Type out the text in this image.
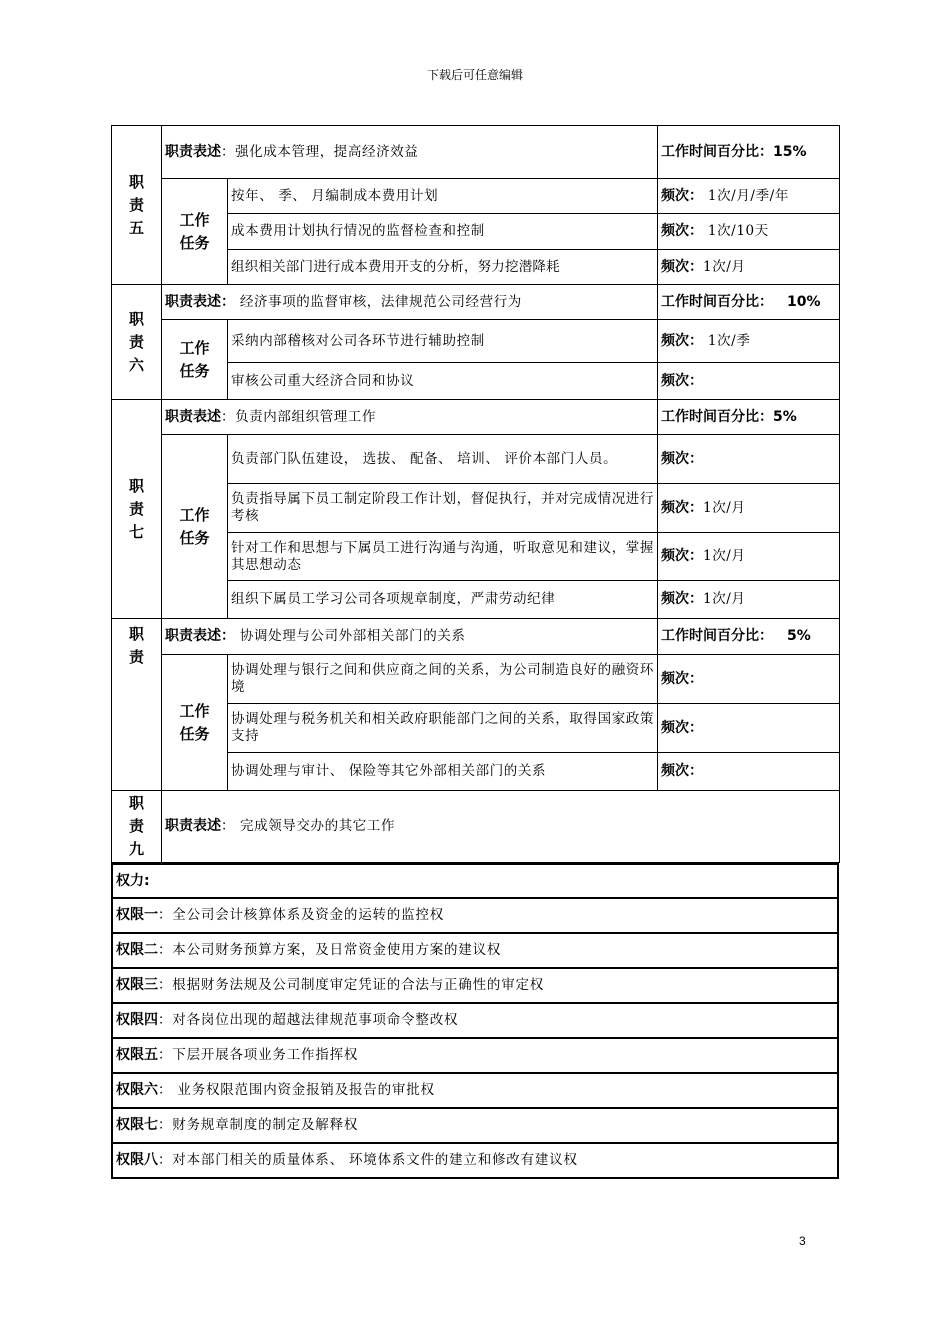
下载后可任意编辑
职
责
五	职责表述：强化成本管理，提高经济效益		工作时间百分比：15%
	工作
任务	按年、 季、 月编制成本费用计划	频次： 1次/月/季/年
		成本费用计划执行情况的监督检查和控制	频次： 1次/10天
		组织相关部门进行成本费用开支的分析，努力挖潜降耗	频次：1次/月
职
责
六	职责表述： 经济事项的监督审核，法律规范公司经营行为		工作时间百分比： 10%
	工作
任务	采纳内部稽核对公司各环节进行辅助控制	频次： 1次/季
		审核公司重大经济合同和协议	频次：
职
责
七	职责表述：负责内部组织管理工作		工作时间百分比：5%
	工作
任务	负责部门队伍建设， 选拔、 配备、 培训、 评价本部门人员。	频次：
		负责指导属下员工制定阶段工作计划，督促执行，并对完成情况进行考核	频次：1次/月
		针对工作和思想与下属员工进行沟通与沟通，听取意见和建议，掌握其思想动态	频次：1次/月
		组织下属员工学习公司各项规章制度，严肃劳动纪律	频次：1次/月

职
责	职责表述： 协调处理与公司外部相关部门的关系		工作时间百分比： 5%
	工作
任务	协调处理与银行之间和供应商之间的关系，为公司制造良好的融资环境	频次：
		协调处理与税务机关和相关政府职能部门之间的关系，取得国家政策支持	频次：
		协调处理与审计、 保险等其它外部相关部门的关系	频次：
职
责
九	职责表述： 完成领导交办的其它工作		
权力:
权限一：全公司会计核算体系及资金的运转的监控权
权限二：本公司财务预算方案，及日常资金使用方案的建议权
权限三：根据财务法规及公司制度审定凭证的合法与正确性的审定权
权限四：对各岗位出现的超越法律规范事项命令整改权
权限五：下层开展各项业务工作指挥权
权限六： 业务权限范围内资金报销及报告的审批权
权限七：财务规章制度的制定及解释权
权限八：对本部门相关的质量体系、 环境体系文件的建立和修改有建议权
3
